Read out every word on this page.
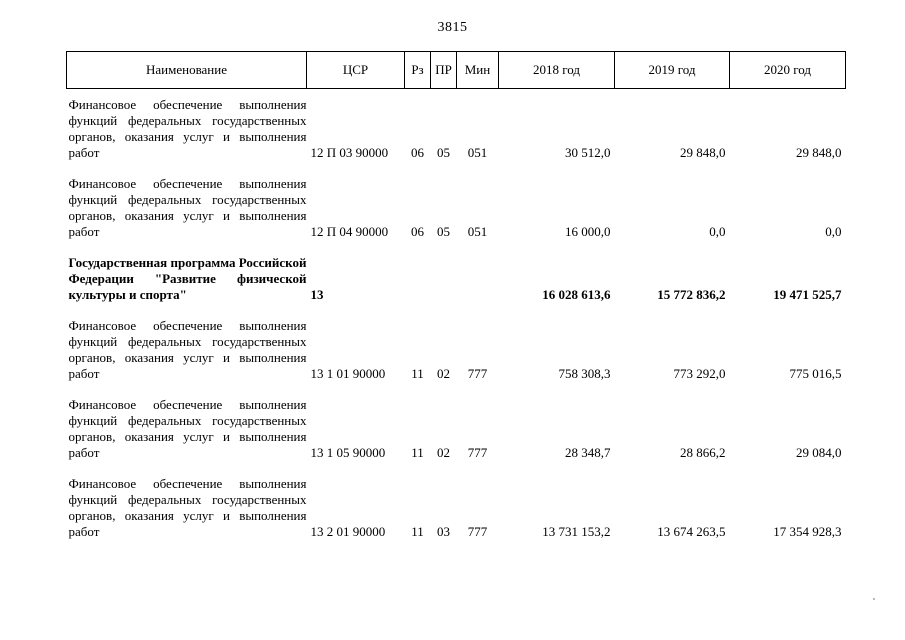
3815
Наименование	ЦСР	Рз	ПР	Мин	2018 год	2019 год	2020 год

Финансовое обеспечение выполнения функций федеральных государственных органов, оказания услуг и выполнения работ	12 П 03 90000	06	05	051	30 512,0	29 848,0	29 848,0

Финансовое обеспечение выполнения функций федеральных государственных органов, оказания услуг и выполнения работ	12 П 04 90000	06	05	051	16 000,0	0,0	0,0

Государственная программа Российской Федерации "Развитие физической культуры и спорта"	13				16 028 613,6	15 772 836,2	19 471 525,7

Финансовое обеспечение выполнения функций федеральных государственных органов, оказания услуг и выполнения работ	13 1 01 90000	11	02	777	758 308,3	773 292,0	775 016,5

Финансовое обеспечение выполнения функций федеральных государственных органов, оказания услуг и выполнения работ	13 1 05 90000	11	02	777	28 348,7	28 866,2	29 084,0

Финансовое обеспечение выполнения функций федеральных государственных органов, оказания услуг и выполнения работ	13 2 01 90000	11	03	777	13 731 153,2	13 674 263,5	17 354 928,3
